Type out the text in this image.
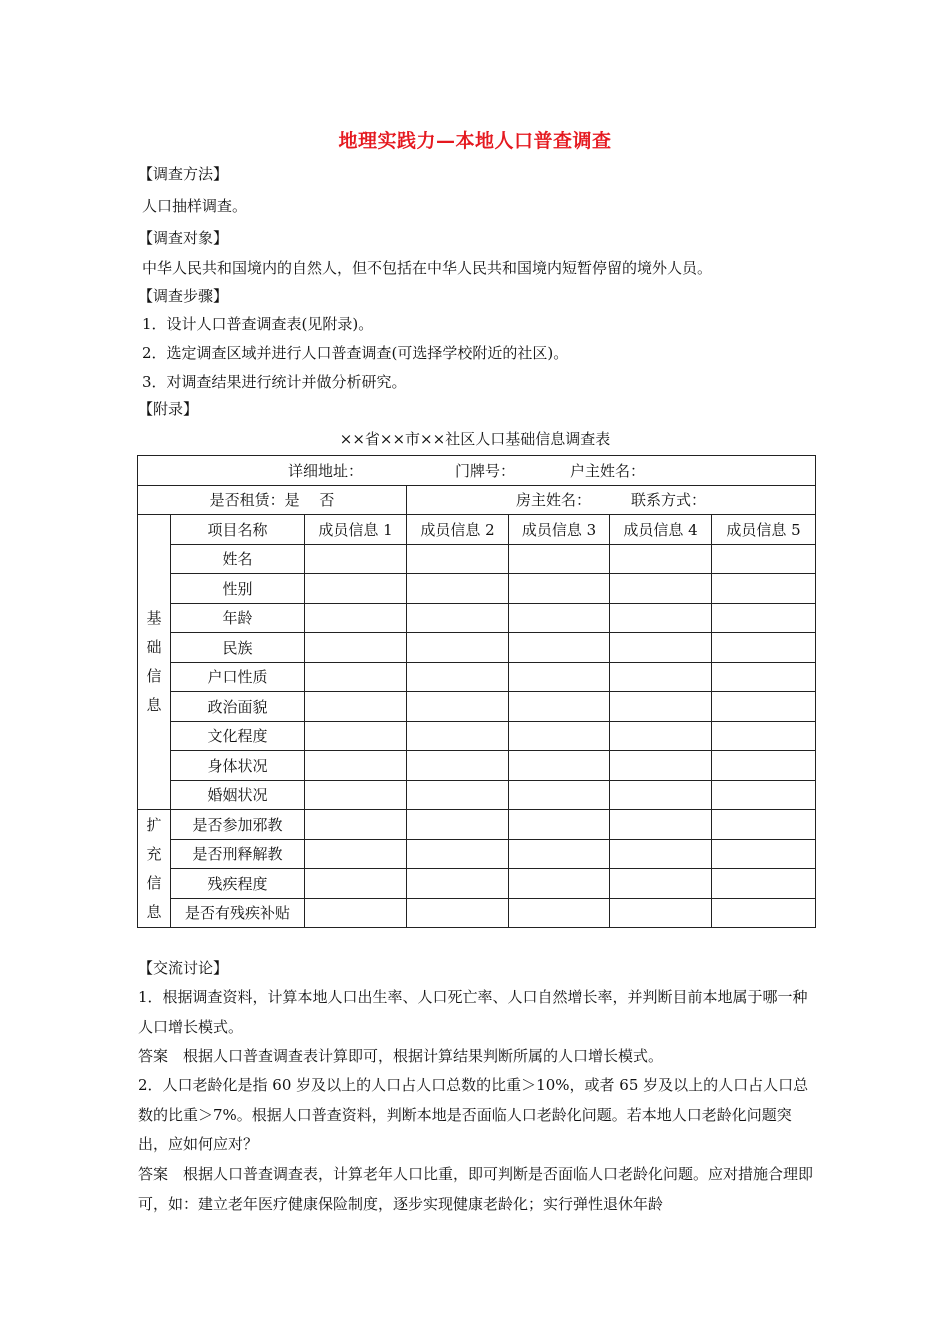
地理实践力—本地人口普查调查
【调查方法】
人口抽样调查。
【调查对象】
中华人民共和国境内的自然人，但不包括在中华人民共和国境内短暂停留的境外人员。
【调查步骤】
1．设计人口普查调查表(见附录)。
2．选定调查区域并进行人口普查调查(可选择学校附近的社区)。
3．对调查结果进行统计并做分析研究。
【附录】
××省××市××社区人口基础信息调查表
详细地址： 门牌号： 户主姓名：						
是否租赁：是　 否			房主姓名： 联系方式：			

基
础
信
息	项目名称	成员信息 1	成员信息 2	成员信息 3	成员信息 4	成员信息 5
	姓名					
	性别					
	年龄					
	民族					
	户口性质					
	政治面貌					
	文化程度					
	身体状况					
	婚姻状况					

扩
充
信
息	是否参加邪教					
	是否刑释解教					
	残疾程度					
	是否有残疾补贴					
【交流讨论】
1．根据调查资料，计算本地人口出生率、人口死亡率、人口自然增长率，并判断目前本地属于哪一种人口增长模式。
答案　根据人口普查调查表计算即可，根据计算结果判断所属的人口增长模式。
2．人口老龄化是指 60 岁及以上的人口占人口总数的比重＞10%，或者 65 岁及以上的人口占人口总数的比重＞7%。根据人口普查资料，判断本地是否面临人口老龄化问题。若本地人口老龄化问题突出，应如何应对？
答案　根据人口普查调查表，计算老年人口比重，即可判断是否面临人口老龄化问题。应对措施合理即可，如：建立老年医疗健康保险制度，逐步实现健康老龄化；实行弹性退休年龄
